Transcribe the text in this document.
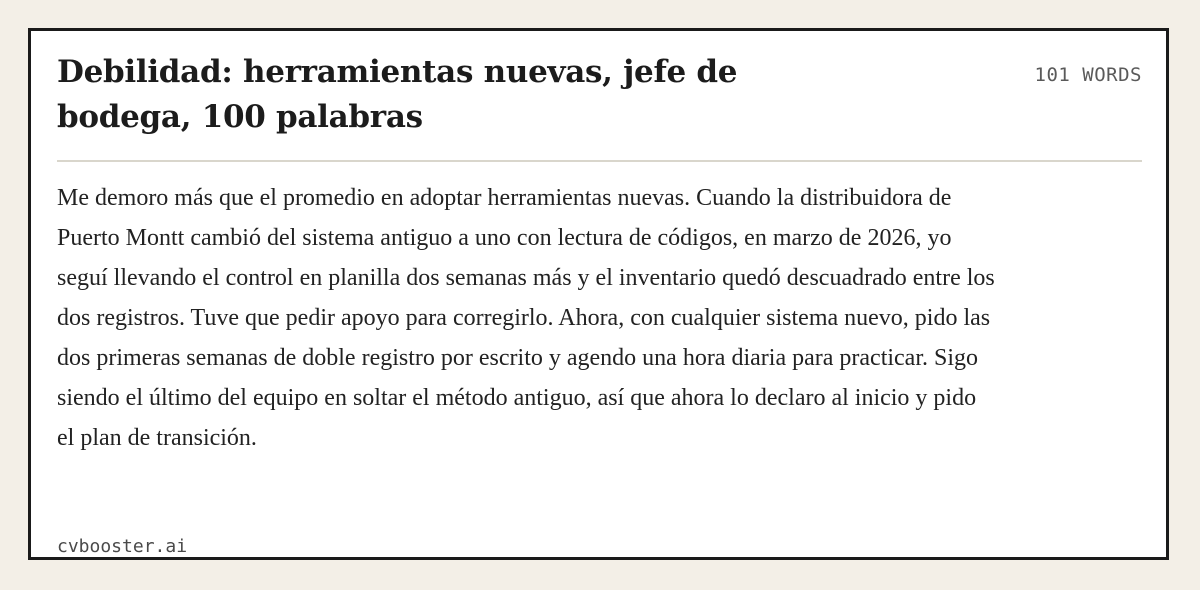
Debilidad: herramientas nuevas, jefe de bodega, 100 palabras
101 WORDS

Me demoro más que el promedio en adoptar herramientas nuevas. Cuando la distribuidora de Puerto Montt cambió del sistema antiguo a uno con lectura de códigos, en marzo de 2026, yo seguí llevando el control en planilla dos semanas más y el inventario quedó descuadrado entre los dos registros. Tuve que pedir apoyo para corregirlo. Ahora, con cualquier sistema nuevo, pido las dos primeras semanas de doble registro por escrito y agendo una hora diaria para practicar. Sigo siendo el último del equipo en soltar el método antiguo, así que ahora lo declaro al inicio y pido el plan de transición.

cvbooster.ai
